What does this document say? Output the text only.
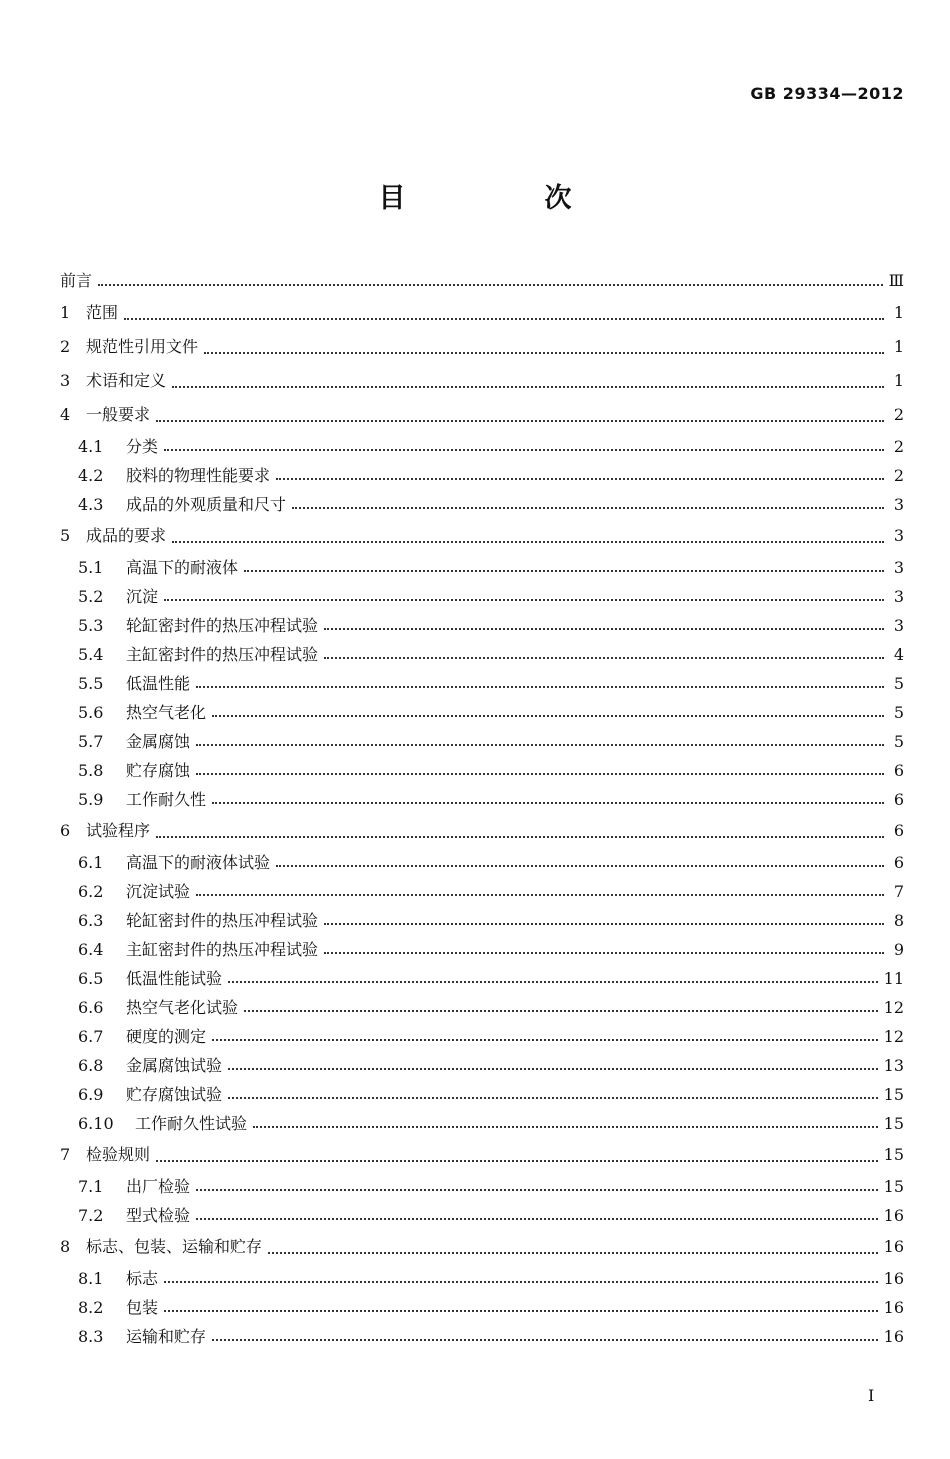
GB 29334—2012
目　次
前言	Ⅲ
1 范围	1
2 规范性引用文件	1
3 术语和定义	1
4 一般要求	2
4.1	分类	2
4.2	胶料的物理性能要求	2
4.3	成品的外观质量和尺寸	3
5 成品的要求	3
5.1	高温下的耐液体	3
5.2	沉淀	3
5.3	轮缸密封件的热压冲程试验	3
5.4	主缸密封件的热压冲程试验	4
5.5	低温性能	5
5.6	热空气老化	5
5.7	金属腐蚀	5
5.8	贮存腐蚀	6
5.9	工作耐久性	6
6 试验程序	6
6.1	高温下的耐液体试验	6
6.2	沉淀试验	7
6.3	轮缸密封件的热压冲程试验	8
6.4	主缸密封件的热压冲程试验	9
6.5	低温性能试验	11
6.6	热空气老化试验	12
6.7	硬度的测定	12
6.8	金属腐蚀试验	13
6.9	贮存腐蚀试验	15
6.10	工作耐久性试验	15
7 检验规则	15
7.1	出厂检验	15
7.2	型式检验	16
8 标志、包装、运输和贮存	16
8.1	标志	16
8.2	包装	16
8.3	运输和贮存	16
I
